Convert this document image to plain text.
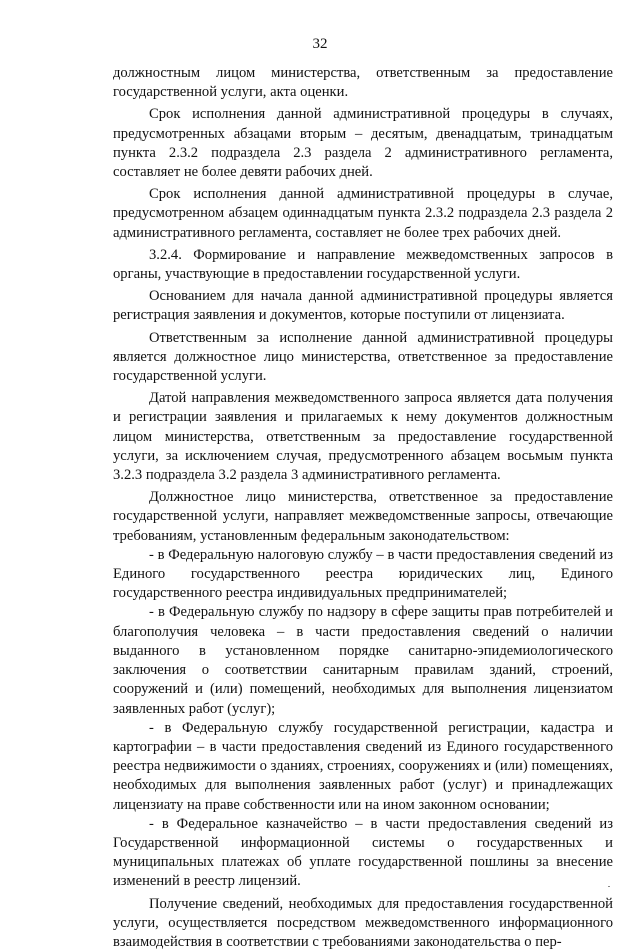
32

должностным лицом министерства, ответственным за предоставление государственной услуги, акта оценки.

Срок исполнения данной административной процедуры в случаях, предусмотренных абзацами вторым – десятым, двенадцатым, тринадцатым пункта 2.3.2 подраздела 2.3 раздела 2 административного регламента, составляет не более девяти рабочих дней.

Срок исполнения данной административной процедуры в случае, предусмотренном абзацем одиннадцатым пункта 2.3.2 подраздела 2.3 раздела 2 административного регламента, составляет не более трех рабочих дней.

3.2.4. Формирование и направление межведомственных запросов в органы, участвующие в предоставлении государственной услуги.

Основанием для начала данной административной процедуры является регистрация заявления и документов, которые поступили от лицензиата.

Ответственным за исполнение данной административной процедуры является должностное лицо министерства, ответственное за предоставление государственной услуги.

Датой направления межведомственного запроса является дата получения и регистрации заявления и прилагаемых к нему документов должностным лицом министерства, ответственным за предоставление государственной услуги, за исключением случая, предусмотренного абзацем восьмым пункта 3.2.3 подраздела 3.2 раздела 3 административного регламента.

Должностное лицо министерства, ответственное за предоставление государственной услуги, направляет межведомственные запросы, отвечающие требованиям, установленным федеральным законодательством:

- в Федеральную налоговую службу – в части предоставления сведений из Единого государственного реестра юридических лиц, Единого государственного реестра индивидуальных предпринимателей;

- в Федеральную службу по надзору в сфере защиты прав потребителей и благополучия человека – в части предоставления сведений о наличии выданного в установленном порядке санитарно-эпидемиологического заключения о соответствии санитарным правилам зданий, строений, сооружений и (или) помещений, необходимых для выполнения лицензиатом заявленных работ (услуг);

- в Федеральную службу государственной регистрации, кадастра и картографии – в части предоставления сведений из Единого государственного реестра недвижимости о зданиях, строениях, сооружениях и (или) помещениях, необходимых для выполнения заявленных работ (услуг) и принадлежащих лицензиату на праве собственности или на ином законном основании;

- в Федеральное казначейство – в части предоставления сведений из Государственной информационной системы о государственных и муниципальных платежах об уплате государственной пошлины за внесение изменений в реестр лицензий.

Получение сведений, необходимых для предоставления государственной услуги, осуществляется посредством межведомственного информационного взаимодействия в соответствии с требованиями законодательства о пер-
